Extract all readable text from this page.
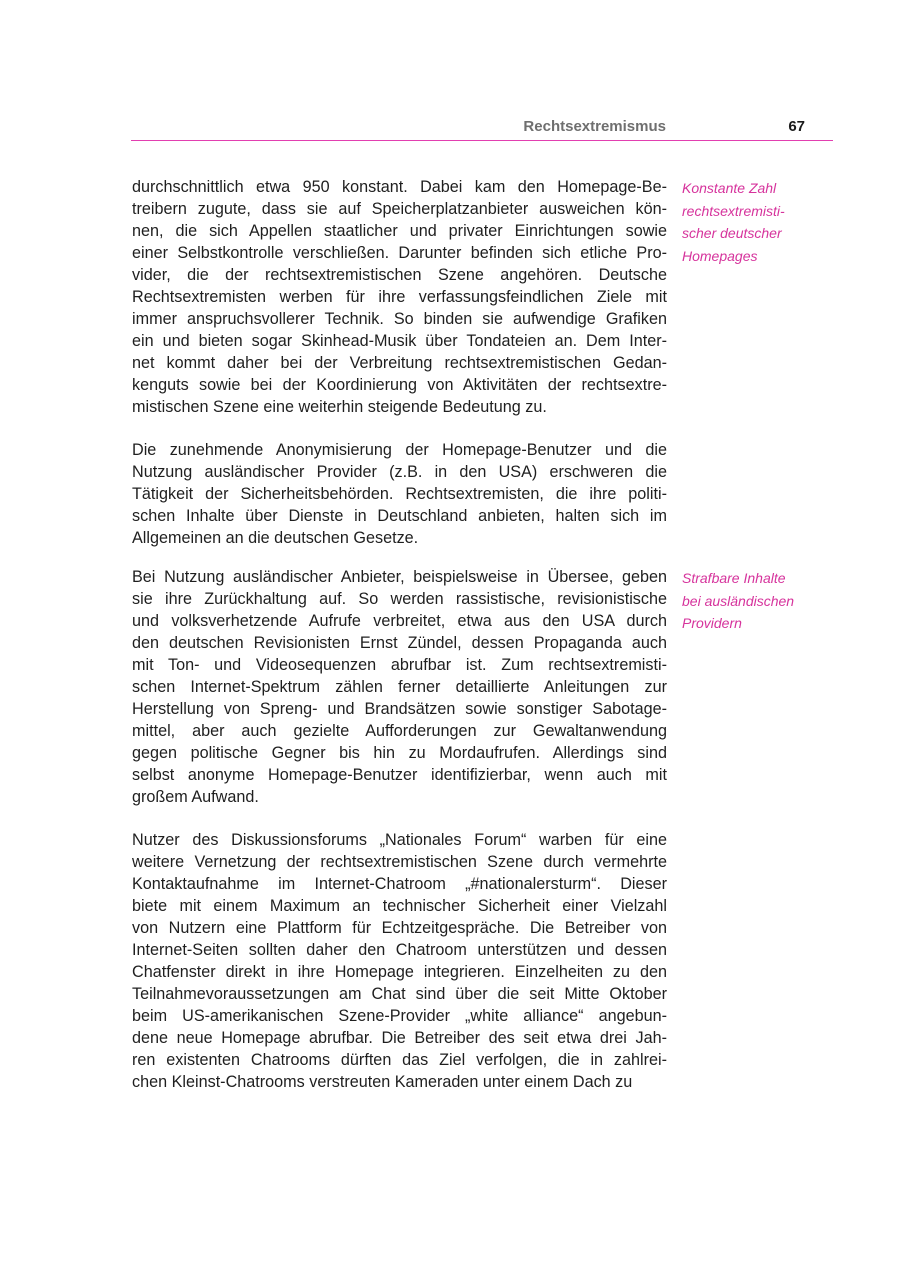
Rechtsextremismus	67
durchschnittlich etwa 950 konstant. Dabei kam den Homepage-Be-
treibern zugute, dass sie auf Speicherplatzanbieter ausweichen kön-
nen, die sich Appellen staatlicher und privater Einrichtungen sowie
einer Selbstkontrolle verschließen. Darunter befinden sich etliche Pro-
vider, die der rechtsextremistischen Szene angehören. Deutsche
Rechtsextremisten werben für ihre verfassungsfeindlichen Ziele mit
immer anspruchsvollerer Technik. So binden sie aufwendige Grafiken
ein und bieten sogar Skinhead-Musik über Tondateien an. Dem Inter-
net kommt daher bei der Verbreitung rechtsextremistischen Gedan-
kenguts sowie bei der Koordinierung von Aktivitäten der rechtsextre-
mistischen Szene eine weiterhin steigende Bedeutung zu.
Die zunehmende Anonymisierung der Homepage-Benutzer und die
Nutzung ausländischer Provider (z.B. in den USA) erschweren die
Tätigkeit der Sicherheitsbehörden. Rechtsextremisten, die ihre politi-
schen Inhalte über Dienste in Deutschland anbieten, halten sich im
Allgemeinen an die deutschen Gesetze.
Bei Nutzung ausländischer Anbieter, beispielsweise in Übersee, geben
sie ihre Zurückhaltung auf. So werden rassistische, revisionistische
und volksverhetzende Aufrufe verbreitet, etwa aus den USA durch
den deutschen Revisionisten Ernst Zündel, dessen Propaganda auch
mit Ton- und Videosequenzen abrufbar ist. Zum rechtsextremisti-
schen Internet-Spektrum zählen ferner detaillierte Anleitungen zur
Herstellung von Spreng- und Brandsätzen sowie sonstiger Sabotage-
mittel, aber auch gezielte Aufforderungen zur Gewaltanwendung
gegen politische Gegner bis hin zu Mordaufrufen. Allerdings sind
selbst anonyme Homepage-Benutzer identifizierbar, wenn auch mit
großem Aufwand.
Nutzer des Diskussionsforums „Nationales Forum“ warben für eine
weitere Vernetzung der rechtsextremistischen Szene durch vermehrte
Kontaktaufnahme im Internet-Chatroom „#nationalersturm“. Dieser
biete mit einem Maximum an technischer Sicherheit einer Vielzahl
von Nutzern eine Plattform für Echtzeitgespräche. Die Betreiber von
Internet-Seiten sollten daher den Chatroom unterstützen und dessen
Chatfenster direkt in ihre Homepage integrieren. Einzelheiten zu den
Teilnahmevoraussetzungen am Chat sind über die seit Mitte Oktober
beim US-amerikanischen Szene-Provider „white alliance“ angebun-
dene neue Homepage abrufbar. Die Betreiber des seit etwa drei Jah-
ren existenten Chatrooms dürften das Ziel verfolgen, die in zahlrei-
chen Kleinst-Chatrooms verstreuten Kameraden unter einem Dach zu
Konstante Zahl
rechtsextremisti-
scher deutscher
Homepages
Strafbare Inhalte
bei ausländischen
Providern
